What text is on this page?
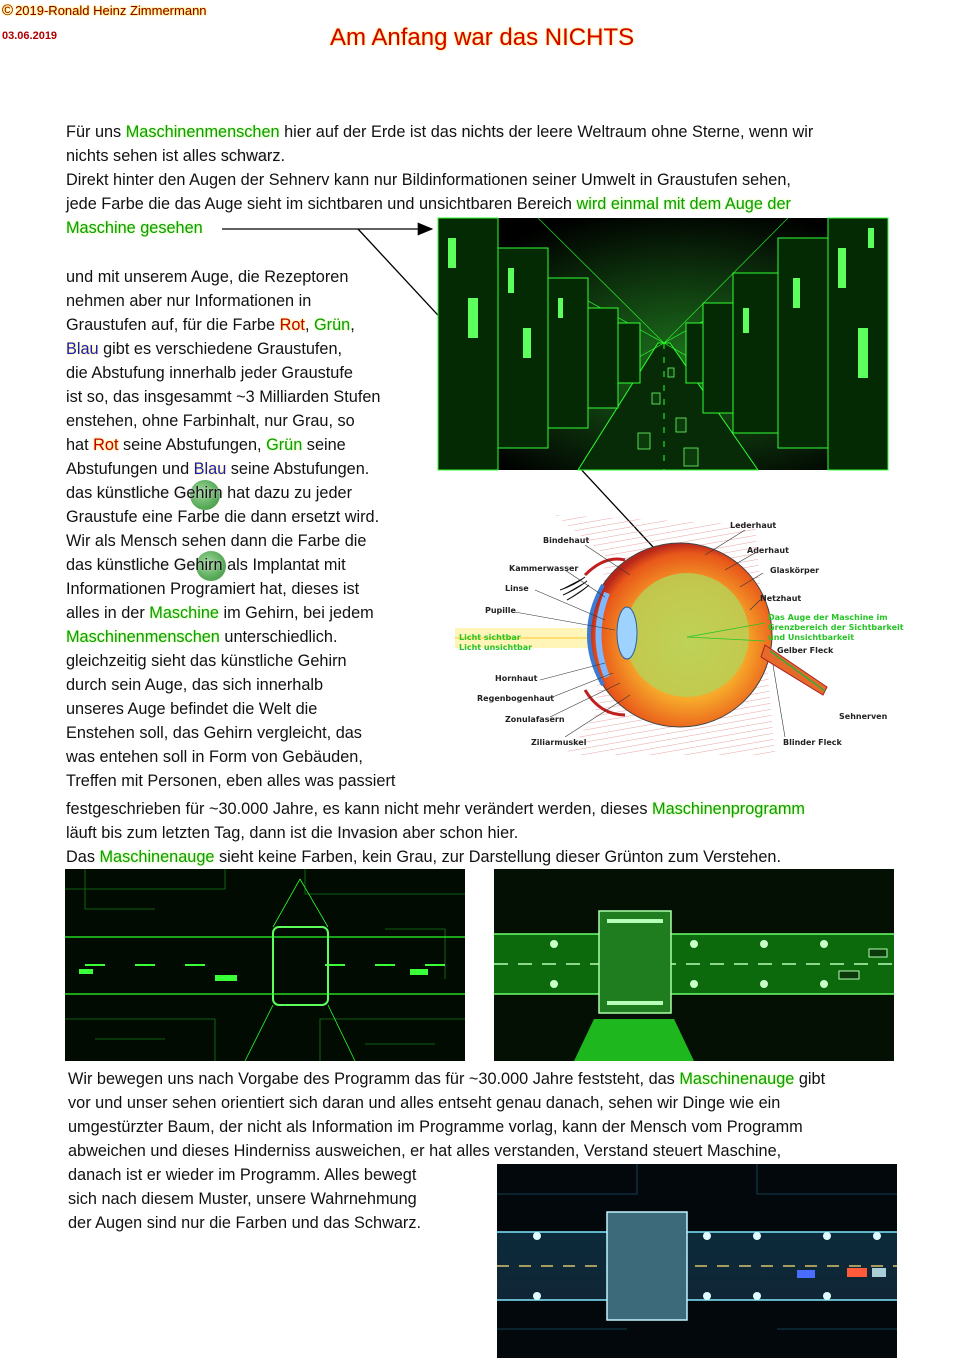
© 2019-Ronald Heinz Zimmermann
03.06.2019	Am Anfang war das NICHTS
Für uns Maschinenmenschen hier auf der Erde ist das nichts der leere Weltraum ohne Sterne, wenn wir
nichts sehen ist alles schwarz.
Direkt hinter den Augen der Sehnerv kann nur Bildinformationen seiner Umwelt in Graustufen sehen,
jede Farbe die das Auge sieht im sichtbaren und unsichtbaren Bereich wird einmal mit dem Auge der
Maschine gesehen
und mit unserem Auge, die Rezeptoren
nehmen aber nur Informationen in
Graustufen auf, für die Farbe Rot, Grün,
Blau gibt es verschiedene Graustufen,
die Abstufung innerhalb jeder Graustufe
ist so, das insgesammt ~3 Milliarden Stufen
enstehen, ohne Farbinhalt, nur Grau, so
hat Rot seine Abstufungen, Grün seine
Abstufungen und Blau seine Abstufungen.
das künstliche Gehirn hat dazu zu jeder
Graustufe eine Farbe die dann ersetzt wird.
Wir als Mensch sehen dann die Farbe die
das künstliche Gehirn als Implantat mit
Informationen Programiert hat, dieses ist
alles in der Maschine im Gehirn, bei jedem
Maschinenmenschen unterschiedlich.
gleichzeitig sieht das künstliche Gehirn
durch sein Auge, das sich innerhalb
unseres Auge befindet die Welt die
Enstehen soll, das Gehirn vergleicht, das
was entehen soll in Form von Gebäuden,
Treffen mit Personen, eben alles was passiert
festgeschrieben für ~30.000 Jahre, es kann nicht mehr verändert werden, dieses Maschinenprogramm
läuft bis zum letzten Tag, dann ist die Invasion aber schon hier.
Das Maschinenauge sieht keine Farben, kein Grau, zur Darstellung dieser Grünton zum Verstehen.
Lederhaut
Bindehaut
Aderhaut
Kammerwasser	Glaskörper
Linse
Netzhaut
Pupille
Das Auge der Maschine im
Grenzbereich der Sichtbarkeit
und Unsichtbarkeit
Licht sichtbar
Licht unsichtbar	Gelber Fleck
Hornhaut
Regenbogenhaut
Sehnerven
Zonulafasern
Ziliarmuskel	Blinder Fleck
Wir bewegen uns nach Vorgabe des Programm das für ~30.000 Jahre feststeht, das Maschinenauge gibt
vor und unser sehen orientiert sich daran und alles entseht genau danach, sehen wir Dinge wie ein
umgestürzter Baum, der nicht als Information im Programme vorlag, kann der Mensch vom Programm
abweichen und dieses Hinderniss ausweichen, er hat alles verstanden, Verstand steuert Maschine,
danach ist er wieder im Programm. Alles bewegt
sich nach diesem Muster, unsere Wahrnehmung
der Augen sind nur die Farben und das Schwarz.
